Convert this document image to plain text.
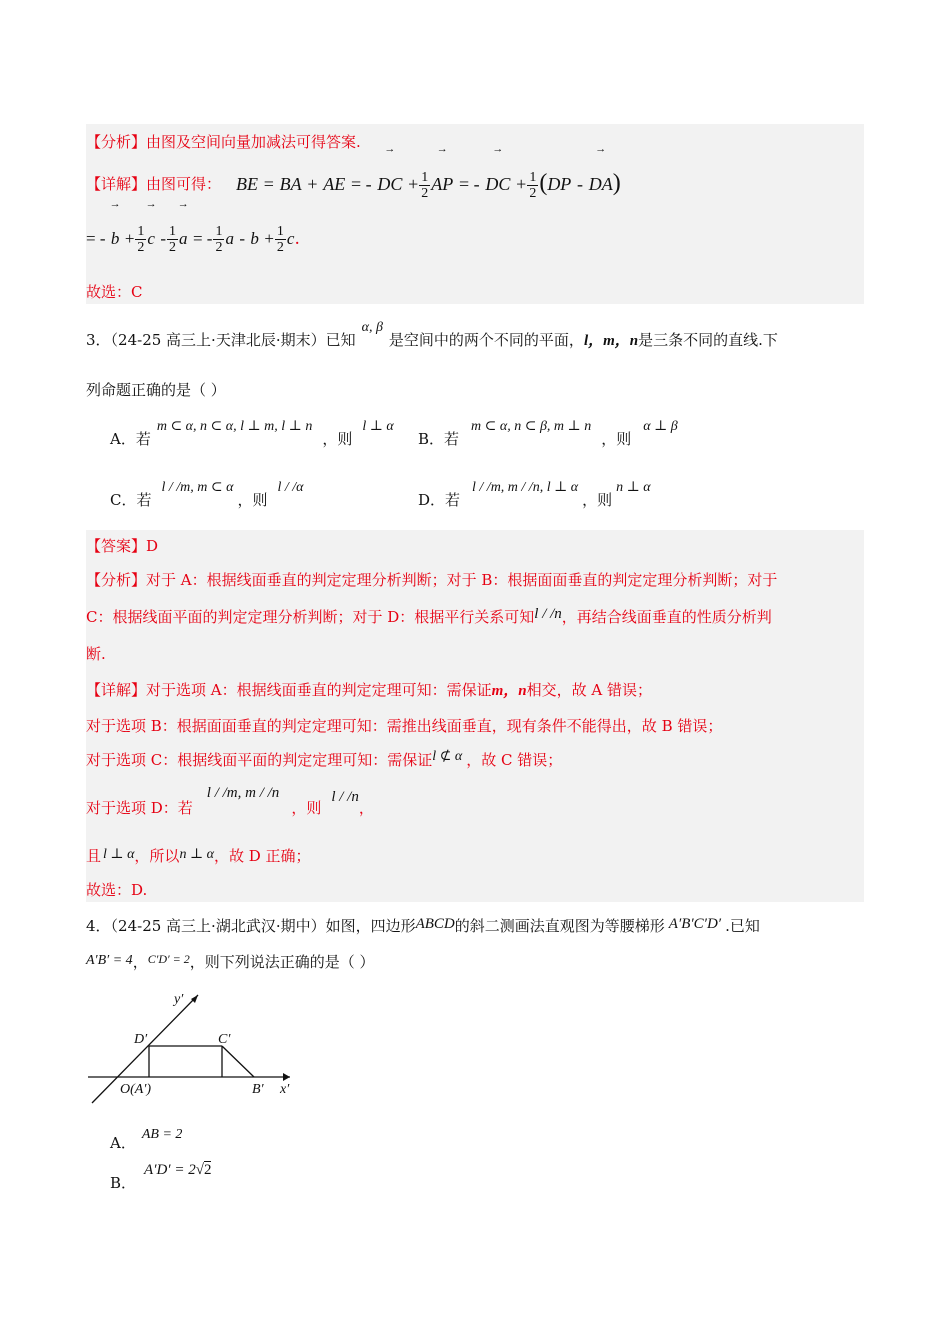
【分析】由图及空间向量加减法可得答案.
【详解】由图可得： BE = BA + AE = - → DC + $\frac{1}{2}$
→ AP = - → DC + $\frac{1}{2} (DP$ - → DA)
= - → $b + \frac{1}{2}$
→ c - $\frac{1}{2}$
→ a = - $\frac{1}{2}$ $a - b + \frac{1}{2} c$.
故选：C
3．（24-25 高三上·天津北辰·期末）已知α, β是空间中的两个不同的平面，l，m，n是三条不同的直线.下
列命题正确的是（ ）
A．若m ⊂ α, n ⊂ α, l ⊥ m, l ⊥ n，则l ⊥ α
B．若m ⊂ α, n ⊂ β, m ⊥ n，则α ⊥ β
C．若l / /m, m ⊂ α，则l / /α
D．若l / /m, m / /n, l ⊥ α，则n ⊥ α
【答案】D
【分析】对于 A：根据线面垂直的判定定理分析判断；对于 B：根据面面垂直的判定定理分析判断；对于
C：根据线面平面的判定定理分析判断；对于 D：根据平行关系可知l / /n，再结合线面垂直的性质分析判
断.
【详解】对于选项 A：根据线面垂直的判定定理可知：需保证m，n相交，故 A 错误；
对于选项 B：根据面面垂直的判定定理可知：需推出线面垂直，现有条件不能得出，故 B 错误；
对于选项 C：根据线面平面的判定定理可知：需保证l ⊄ α ，故 C 错误；
对于选项 D：若l / /m, m / /n，则l / /n，
且 l ⊥ α，所以n ⊥ α，故 D 正确；
故选：D.
4．（24-25 高三上·湖北武汉·期中）如图，四边形ABCD的斜二测画法直观图为等腰梯形 A′B′C′D′ .已知
A′B′ = 4，$^{C'D' = 2}$，则下列说法正确的是（ ）
y′
x′
D′	C′
O(A′)	B′
A． AB = 2
B．A′D′ = 2√2
